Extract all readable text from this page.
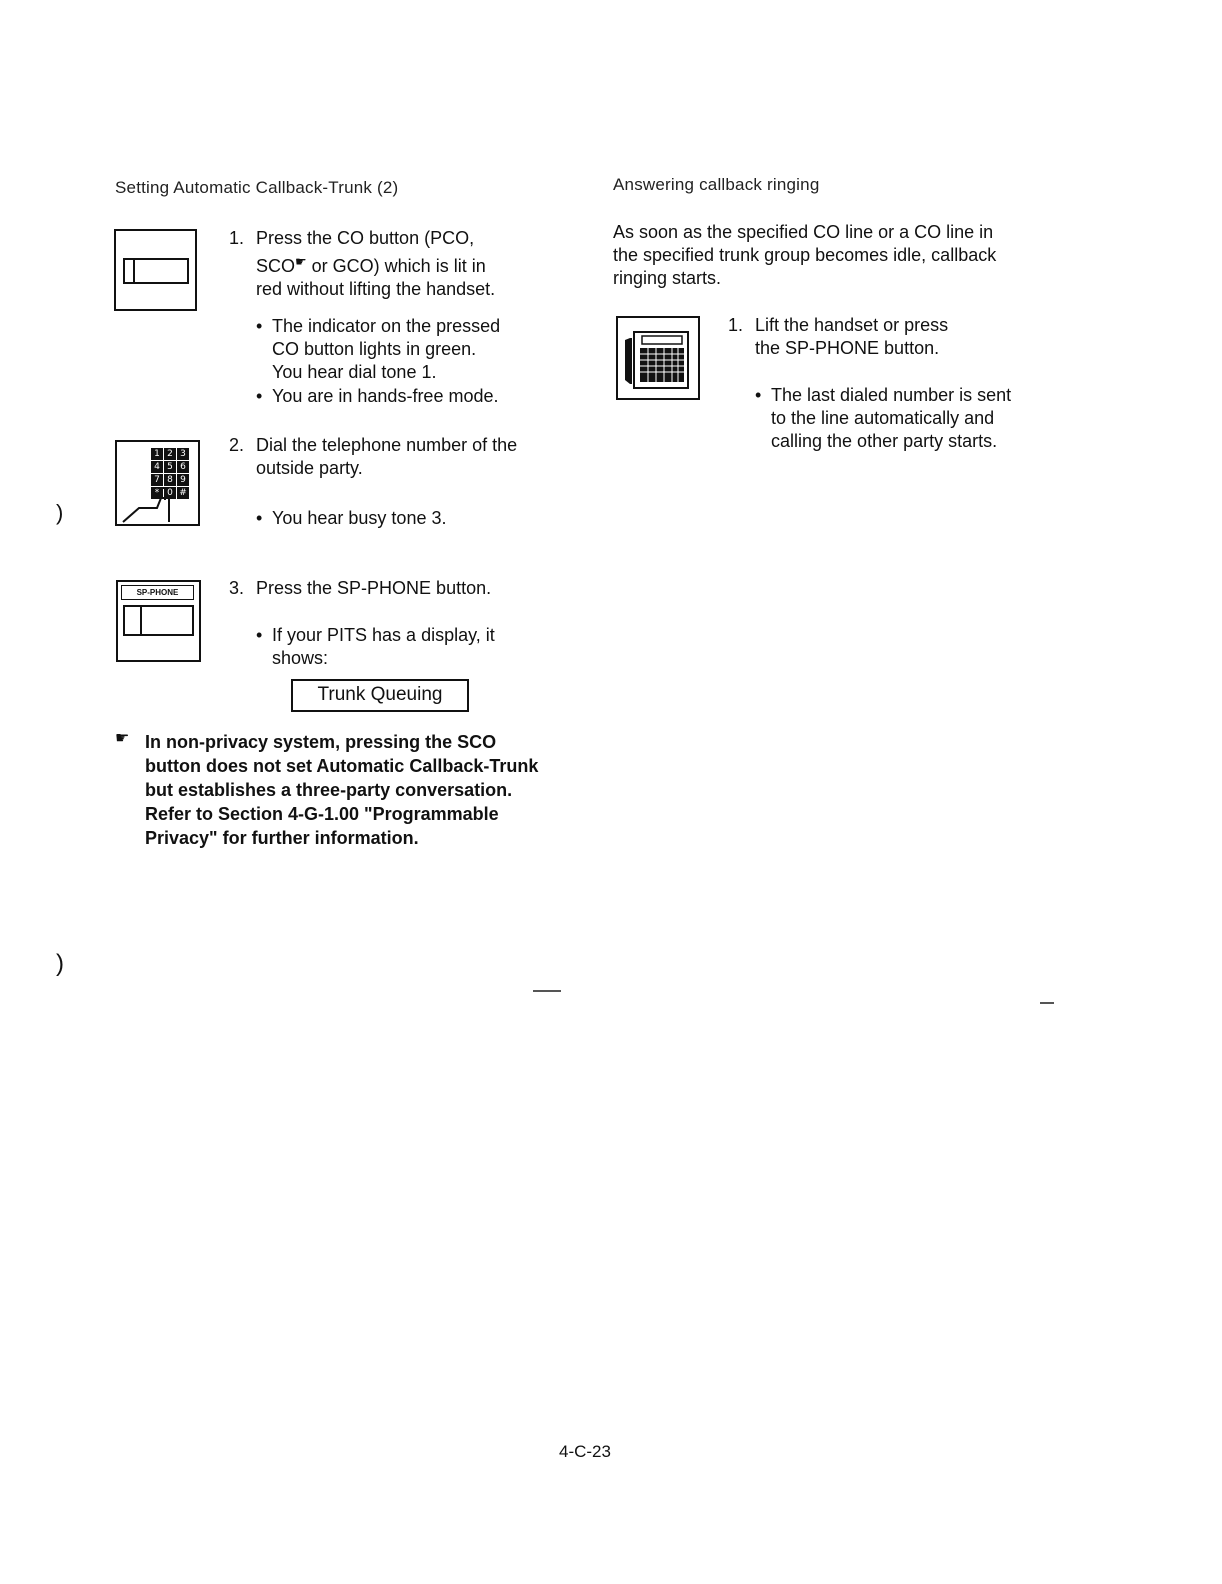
Setting Automatic Callback-Trunk (2)
1. Press the CO button (PCO,
SCO☛ or GCO) which is lit in
red without lifting the handset.
• The indicator on the pressed
CO button lights in green.
You hear dial tone 1.
• You are in hands-free mode.
1 2 3
4 5 6
7 8 9
* 0 #
2. Dial the telephone number of the
outside party.
• You hear busy tone 3.
SP-PHONE	3. Press the SP-PHONE button.
• If your PITS has a display, it
shows:
Trunk Queuing
☛ In non-privacy system, pressing the SCO
button does not set Automatic Callback-Trunk
but establishes a three-party conversation.
Refer to Section 4-G-1.00 "Programmable
Privacy" for further information.
Answering callback ringing
As soon as the specified CO line or a CO line in
the specified trunk group becomes idle, callback
ringing starts.
1. Lift the handset or press
the SP-PHONE button.
• The last dialed number is sent
to the line automatically and
calling the other party starts.
)
)
4-C-23
